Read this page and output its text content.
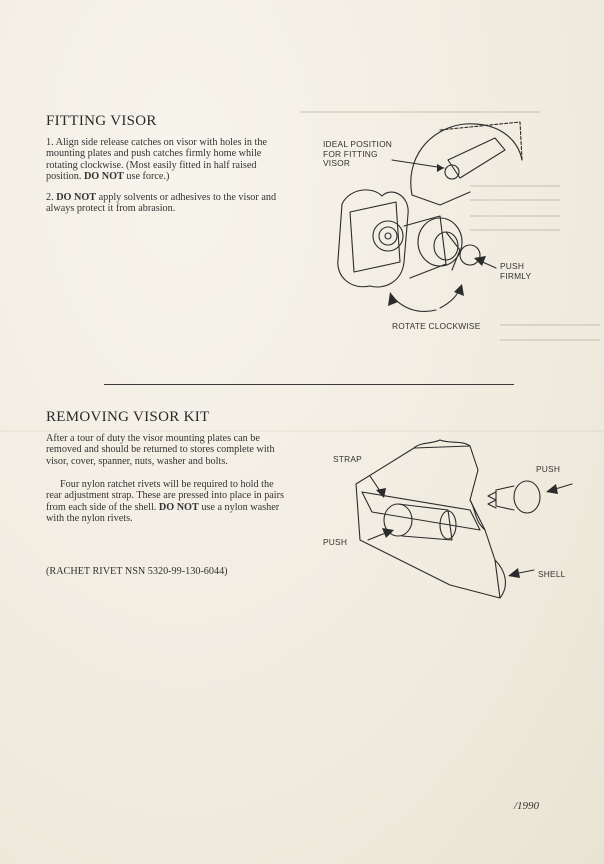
FITTING VISOR

1. Align side release catches on visor with holes in the mounting plates and push catches firmly home while rotating clockwise. (Most easily fitted in half raised position. DO NOT use force.)

2. DO NOT apply solvents or adhesives to the visor and always protect it from abrasion.

IDEAL POSITION FOR FITTING VISOR
PUSH FIRMLY
ROTATE CLOCKWISE
REMOVING VISOR KIT

After a tour of duty the visor mounting plates can be removed and should be returned to stores complete with visor, cover, spanner, nuts, washer and bolts.

Four nylon ratchet rivets will be required to hold the rear adjustment strap. These are pressed into place in pairs from each side of the shell. DO NOT use a nylon washer with the nylon rivets.

(RACHET RIVET NSN 5320-99-130-6044)

STRAP
PUSH
PUSH
SHELL
/1990
